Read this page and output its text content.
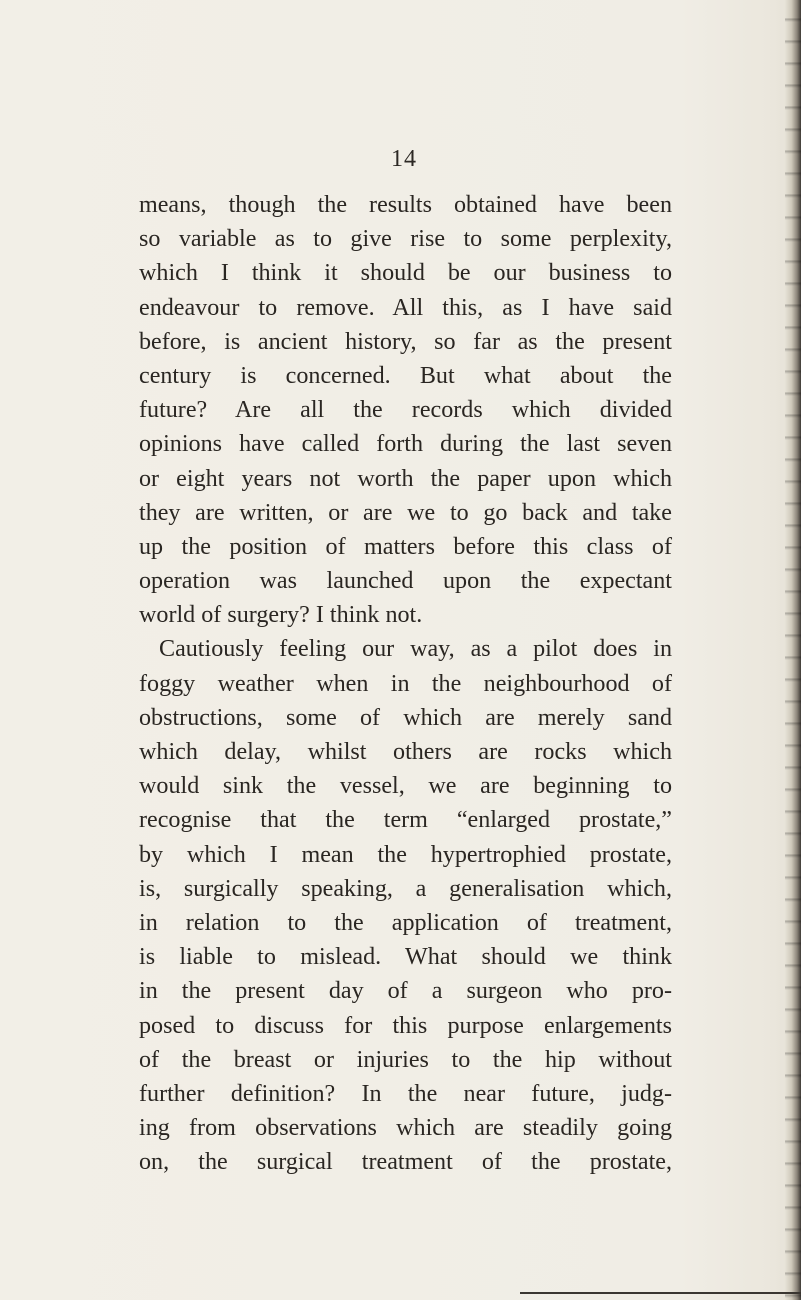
14

means, though the results obtained have been
so variable as to give rise to some perplexity,
which I think it should be our business to
endeavour to remove. All this, as I have said
before, is ancient history, so far as the present
century is concerned. But what about the
future? Are all the records which divided
opinions have called forth during the last seven
or eight years not worth the paper upon which
they are written, or are we to go back and take
up the position of matters before this class of
operation was launched upon the expectant
world of surgery? I think not.
Cautiously feeling our way, as a pilot does in
foggy weather when in the neighbourhood of
obstructions, some of which are merely sand
which delay, whilst others are rocks which
would sink the vessel, we are beginning to
recognise that the term “enlarged prostate,”
by which I mean the hypertrophied prostate,
is, surgically speaking, a generalisation which,
in relation to the application of treatment,
is liable to mislead. What should we think
in the present day of a surgeon who pro-
posed to discuss for this purpose enlargements
of the breast or injuries to the hip without
further definition? In the near future, judg-
ing from observations which are steadily going
on, the surgical treatment of the prostate,
